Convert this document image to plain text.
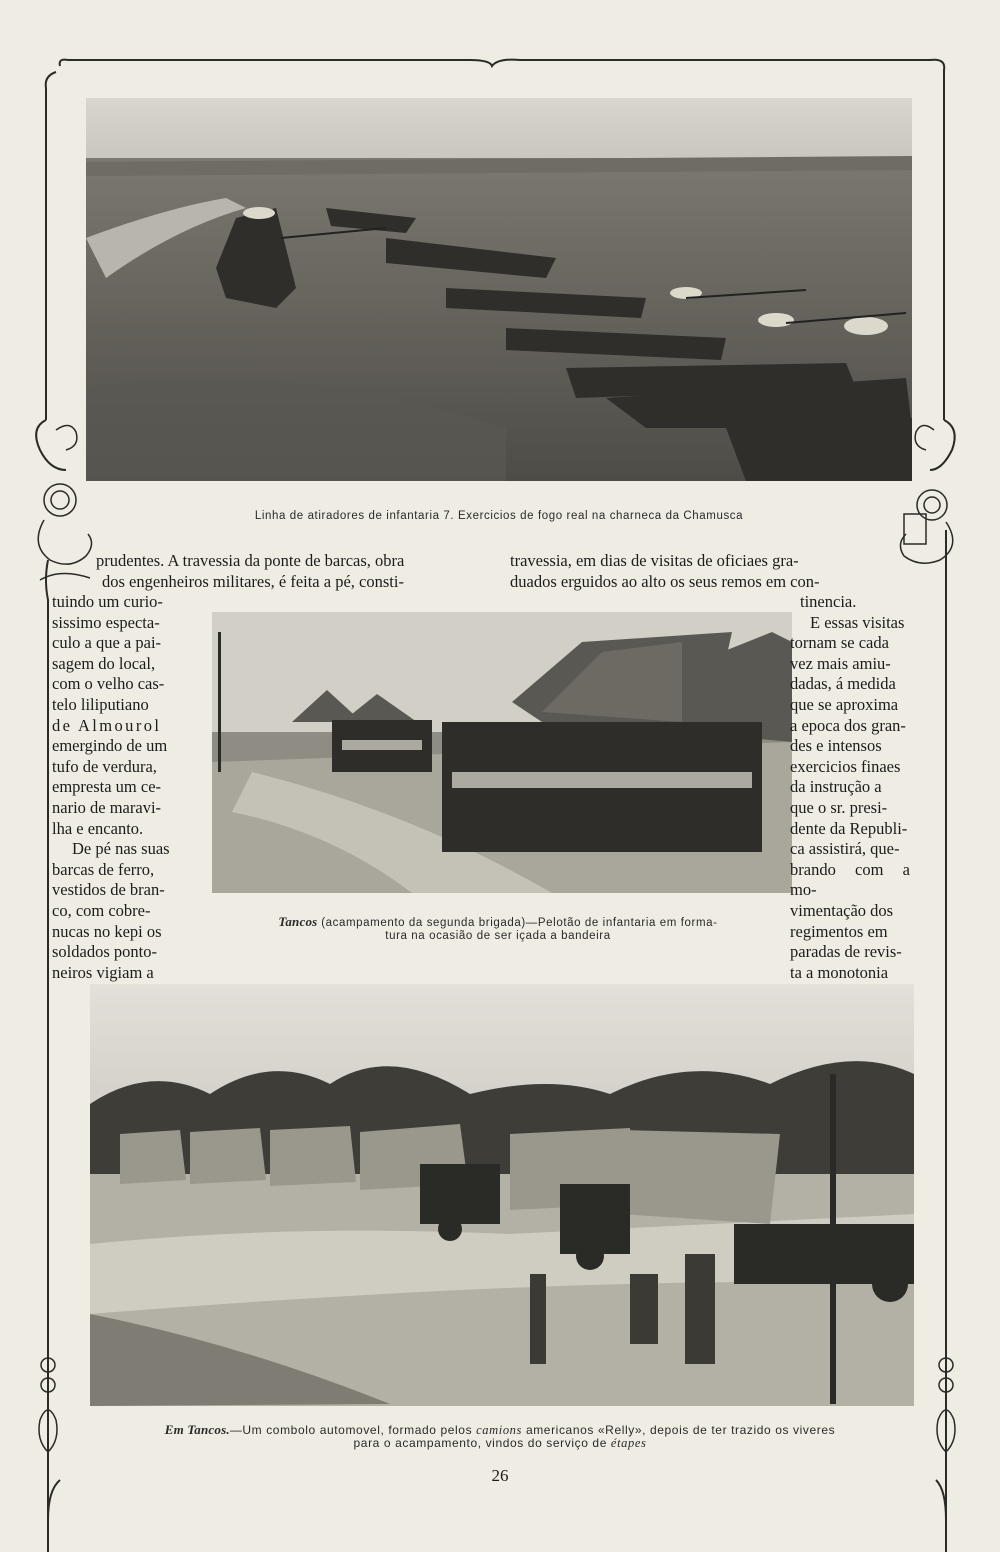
Linha de atiradores de infantaria 7. Exercicios de fogo real na charneca da Chamusca

prudentes. A travessia da ponte de barcas, obra

dos engenheiros militares, é feita a pé, consti-

travessia, em dias de visitas de oficiaes gra-

duados erguidos ao alto os seus remos em con-

tuindo um curio-

sissimo especta-

culo a que a pai-

sagem do local,

com o velho cas-

telo liliputiano

de Almourol

emergindo de um

tufo de verdura,

empresta um ce-

nario de maravi-

lha e encanto.

De pé nas suas

barcas de ferro,

vestidos de bran-

co, com cobre-

nucas no kepi os

soldados ponto-

neiros vigiam a

Tancos (acampamento da segunda brigada)—Pelotão de infantaria em forma-
tura na ocasião de ser içada a bandeira

tinencia.

E essas visitas

tornam se cada

vez mais amiu-

dadas, á medida

que se aproxima

a epoca dos gran-

des e intensos

exercicios finaes

da instrução a

que o sr. presi-

dente da Republi-

ca assistirá, que-

brando com a mo-

vimentação dos

regimentos em

paradas de revis-

ta a monotonia

Em Tancos.—Um combolo automovel, formado pelos camions americanos «Relly», depois de ter trazido os viveres
para o acampamento, vindos do serviço de étapes
26
